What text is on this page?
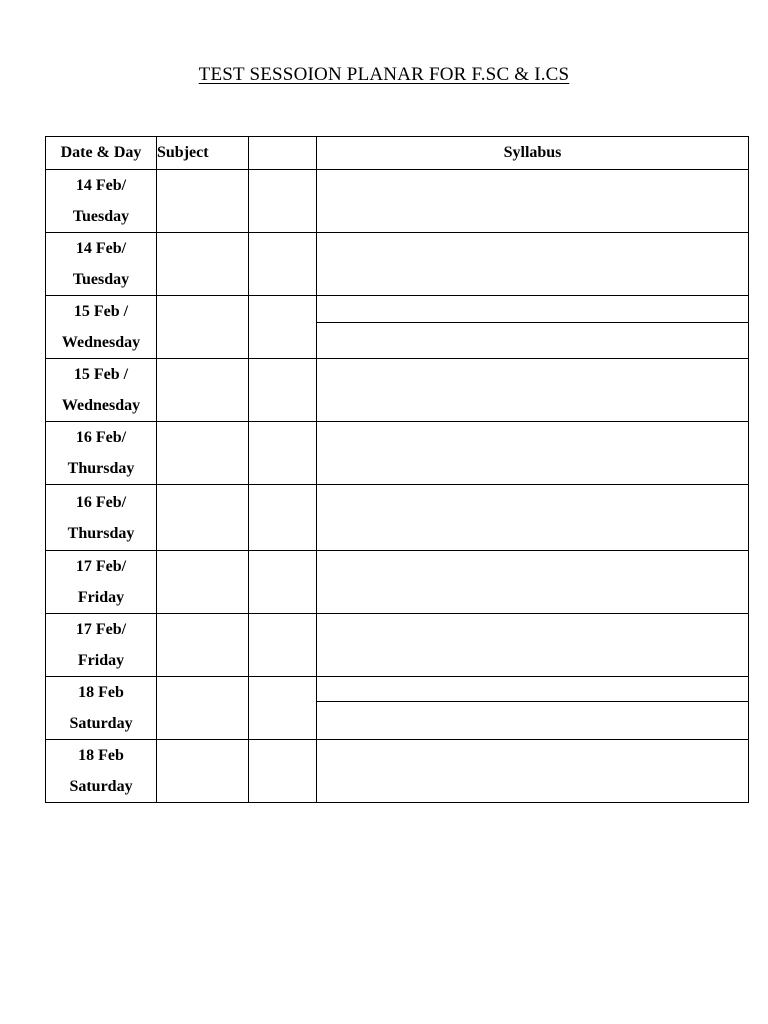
TEST SESSOION PLANAR FOR F.SC & I.CS
Date & Day	Subject		Syllabus

14 Feb/
Tuesday			

14 Feb/
Tuesday			

15 Feb /
Wednesday			

15 Feb /
Wednesday			

16 Feb/
Thursday			

16 Feb/
Thursday			

17 Feb/
Friday			

17 Feb/
Friday			

18 Feb
Saturday			

18 Feb
Saturday			
